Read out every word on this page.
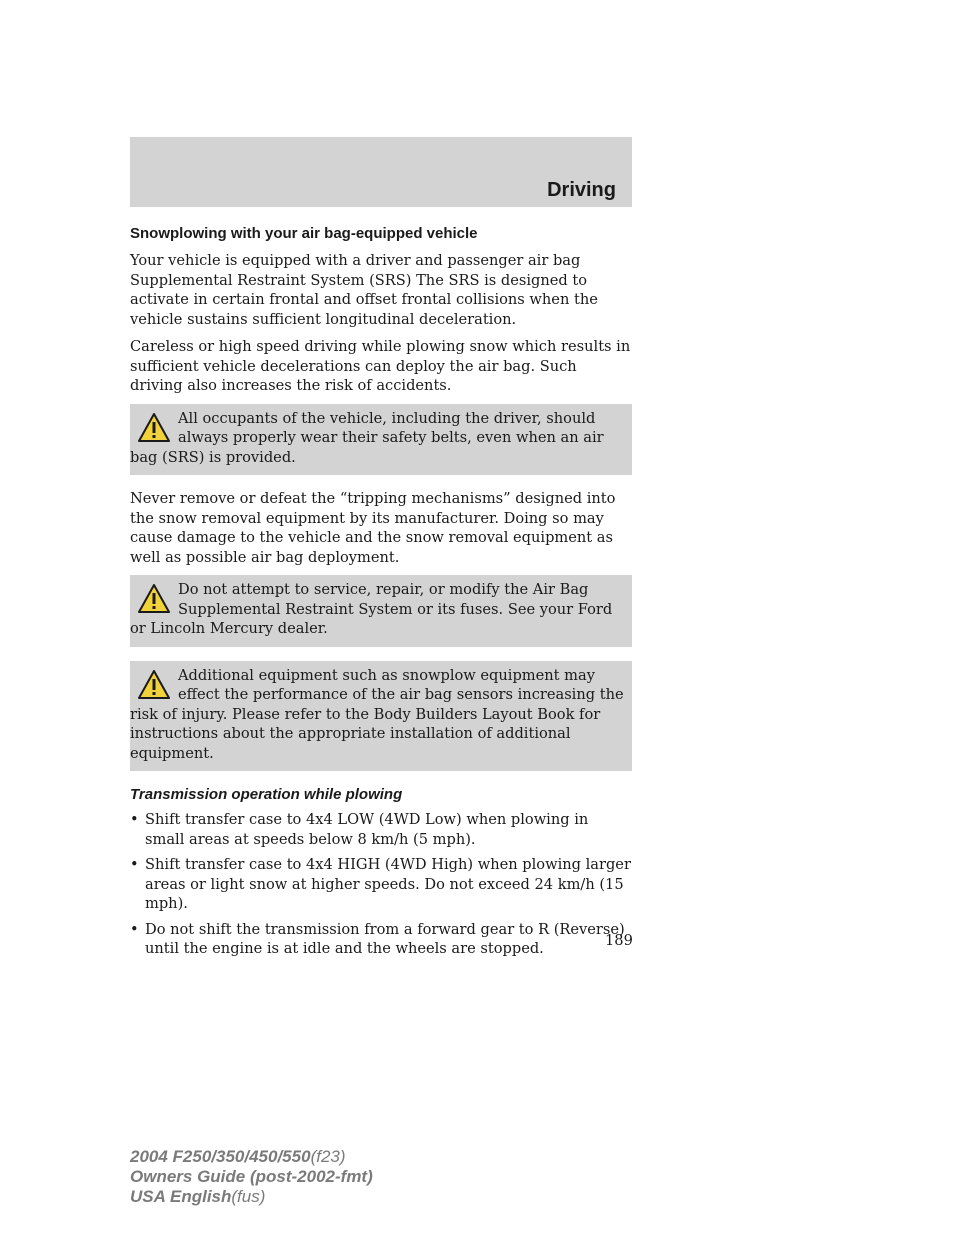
Driving
Snowplowing with your air bag-equipped vehicle

Your vehicle is equipped with a driver and passenger air bag Supplemental Restraint System (SRS) The SRS is designed to activate in certain frontal and offset frontal collisions when the vehicle sustains sufficient longitudinal deceleration.

Careless or high speed driving while plowing snow which results in sufficient vehicle decelerations can deploy the air bag. Such driving also increases the risk of accidents.

All occupants of the vehicle, including the driver, should always properly wear their safety belts, even when an air bag (SRS) is provided.

Never remove or defeat the “tripping mechanisms” designed into the snow removal equipment by its manufacturer. Doing so may cause damage to the vehicle and the snow removal equipment as well as possible air bag deployment.

Do not attempt to service, repair, or modify the Air Bag Supplemental Restraint System or its fuses. See your Ford or Lincoln Mercury dealer.
Additional equipment such as snowplow equipment may effect the performance of the air bag sensors increasing the risk of injury. Please refer to the Body Builders Layout Book for instructions about the appropriate installation of additional equipment.
Transmission operation while plowing
• Shift transfer case to 4x4 LOW (4WD Low) when plowing in small areas at speeds below 8 km/h (5 mph).
• Shift transfer case to 4x4 HIGH (4WD High) when plowing larger areas or light snow at higher speeds. Do not exceed 24 km/h (15 mph).
• Do not shift the transmission from a forward gear to R (Reverse) until the engine is at idle and the wheels are stopped.	189

2004 F250/350/450/550(f23)
Owners Guide (post-2002-fmt)
USA English(fus)
